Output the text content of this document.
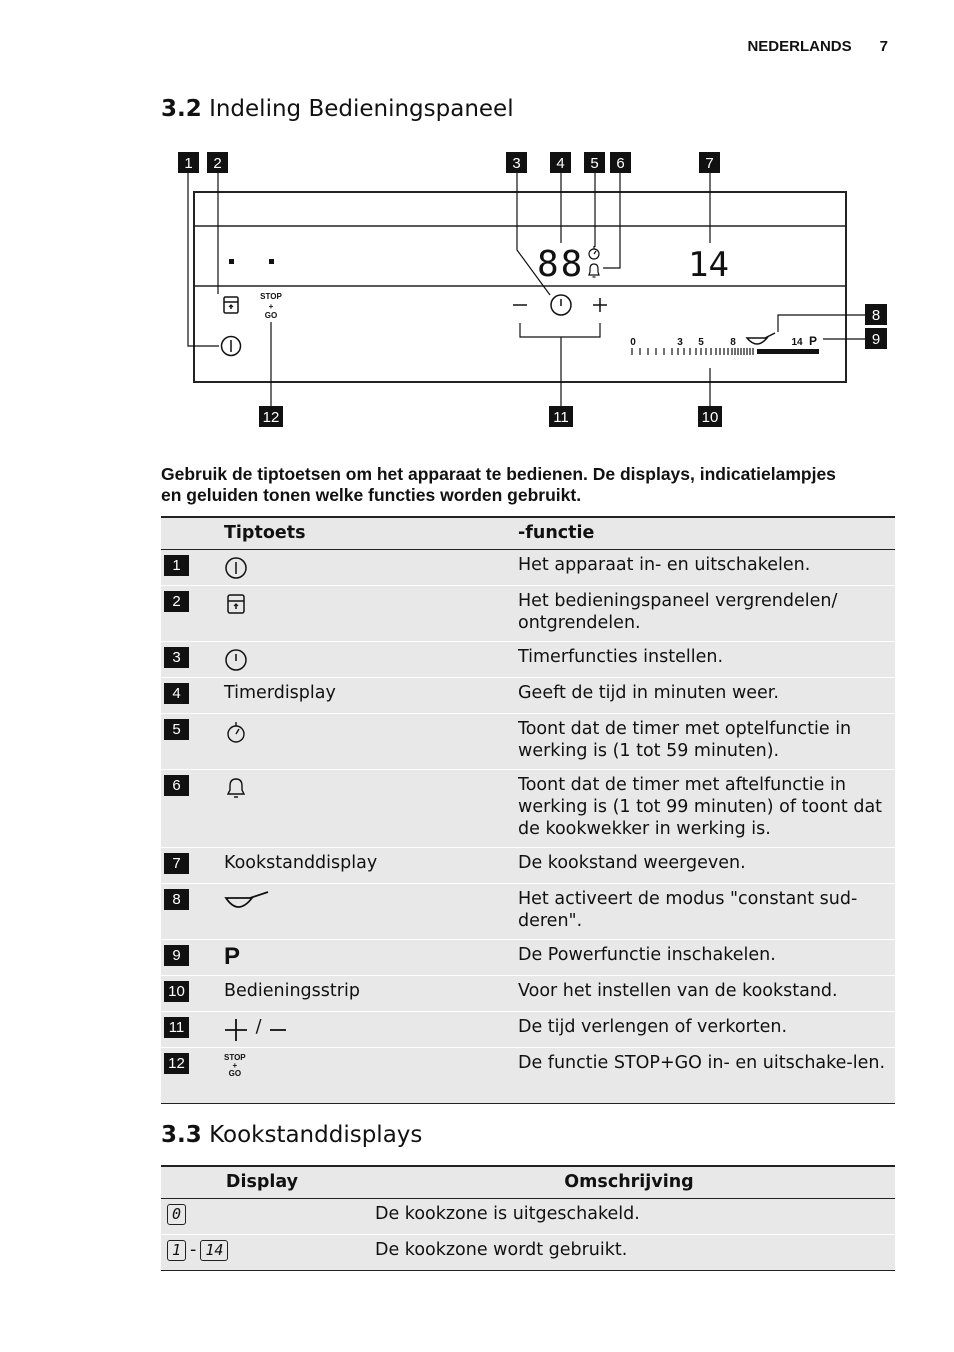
NEDERLANDS 7
3.2 Indeling Bedieningspaneel
88	14
STOP
+
GO
0	3 5	8	14 P
1 2	3 4 5 6	7
8
9
10
11
12

Gebruik de tiptoetsen om het apparaat te bedienen. De displays, indicatielampjes en geluiden tonen welke functies worden gebruikt.

	Tiptoets	-functie
1		Het apparaat in- en uitschakelen.
2		Het bedieningspaneel vergrendelen/ ontgrendelen.
3		Timerfuncties instellen.
4	Timerdisplay	Geeft de tijd in minuten weer.
5		Toont dat de timer met optelfunctie in werking is (1 tot 59 minuten).
6		Toont dat de timer met aftelfunctie in werking is (1 tot 99 minuten) of toont dat de kookwekker in werking is.
7	Kookstanddisplay	De kookstand weergeven.
8		Het activeert de modus "constant sud-deren".
9	P	De Powerfunctie inschakelen.
10	Bedieningsstrip	Voor het instellen van de kookstand.
11	/	De tijd verlengen of verkorten.
12	STOP
+
GO	De functie STOP+GO in- en uitschake-len.
3.3 Kookstanddisplays
Display	Omschrijving
0	De kookzone is uitgeschakeld.
1 - 14	De kookzone wordt gebruikt.
